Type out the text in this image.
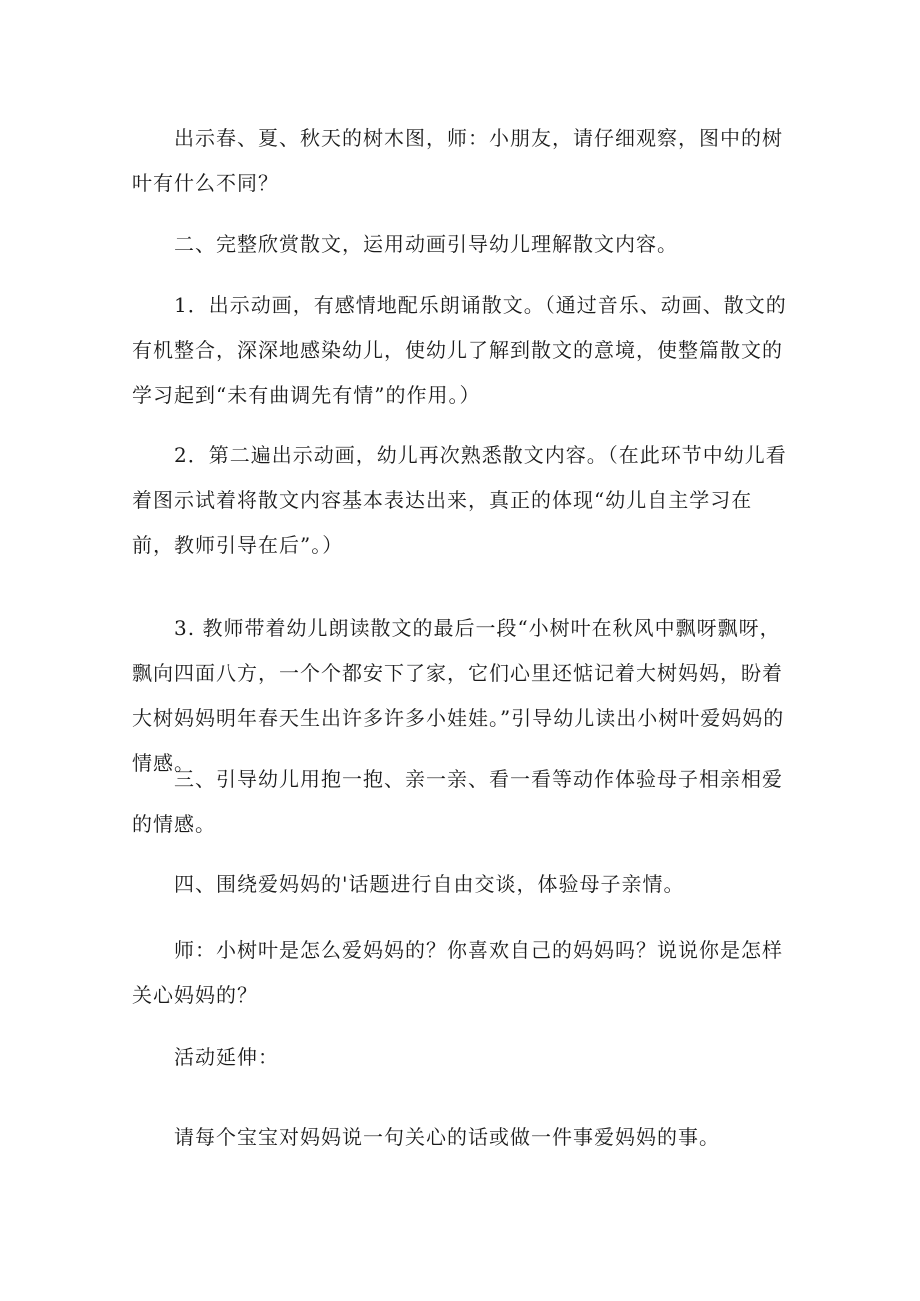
出示春、夏、秋天的树木图，师：小朋友，请仔细观察，图中的树叶有什么不同？

二、完整欣赏散文，运用动画引导幼儿理解散文内容。

1．出示动画，有感情地配乐朗诵散文。（通过音乐、动画、散文的有机整合，深深地感染幼儿，使幼儿了解到散文的意境，使整篇散文的学习起到“未有曲调先有情”的作用。）

2．第二遍出示动画，幼儿再次熟悉散文内容。（在此环节中幼儿看着图示试着将散文内容基本表达出来，真正的体现“幼儿自主学习在前，教师引导在后”。）

3. 教师带着幼儿朗读散文的最后一段“小树叶在秋风中飘呀飘呀，飘向四面八方，一个个都安下了家，它们心里还惦记着大树妈妈，盼着大树妈妈明年春天生出许多许多小娃娃。”引导幼儿读出小树叶爱妈妈的情感。

三、引导幼儿用抱一抱、亲一亲、看一看等动作体验母子相亲相爱的情感。

四、围绕爱妈妈的'话题进行自由交谈，体验母子亲情。

师：小树叶是怎么爱妈妈的？你喜欢自己的妈妈吗？说说你是怎样关心妈妈的？

活动延伸：

请每个宝宝对妈妈说一句关心的话或做一件事爱妈妈的事。
